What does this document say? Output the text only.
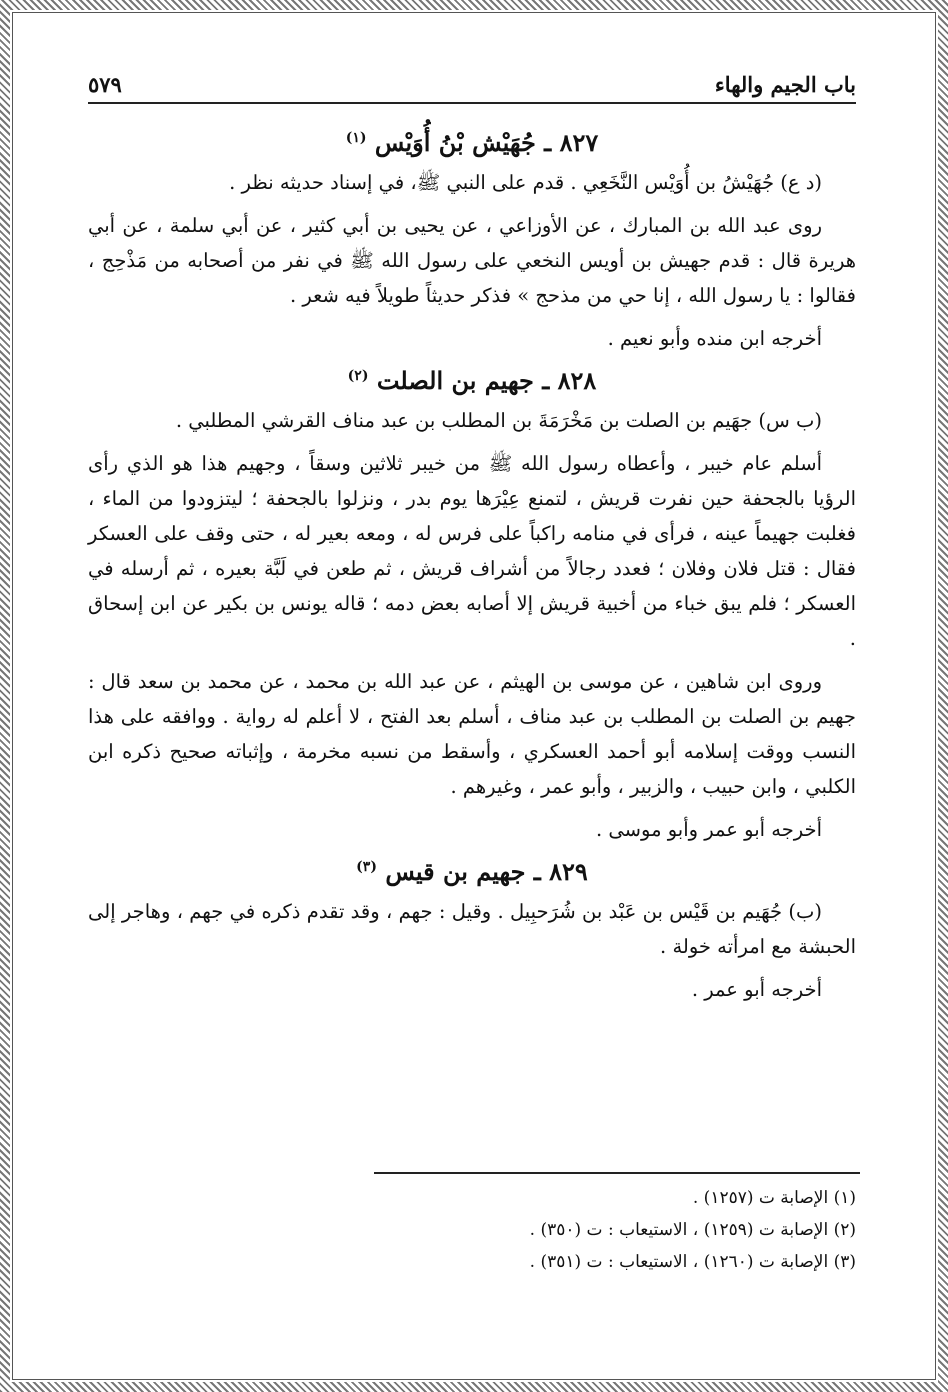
باب الجيم والهاء
٥٧٩
٨٢٧ ـ جُهَيْش بْنُ أُوَيْس $^{(١)}$

(د ع) جُهَيْشُ بن أُوَيْس النَّخَعِي . قدم على النبي ﷺ، في إسناد حديثه نظر .

روى عبد الله بن المبارك ، عن الأوزاعي ، عن يحيى بن أبي كثير ، عن أبي سلمة ، عن أبي هريرة قال : قدم جهيش بن أويس النخعي على رسول الله ﷺ في نفر من أصحابه من مَذْحِج ، فقالوا : يا رسول الله ، إنا حي من مذحج » فذكر حديثاً طويلاً فيه شعر .

أخرجه ابن منده وأبو نعيم .

٨٢٨ ـ جهيم بن الصلت $^{(٢)}$

(ب س) جهَيم بن الصلت بن مَخْرَمَةَ بن المطلب بن عبد مناف القرشي المطلبي .

أسلم عام خيبر ، وأعطاه رسول الله ﷺ من خيبر ثلاثين وسقاً ، وجهيم هذا هو الذي رأى الرؤيا بالجحفة حين نفرت قريش ، لتمنع عِيْرَها يوم بدر ، ونزلوا بالجحفة ؛ ليتزودوا من الماء ، فغلبت جهيماً عينه ، فرأى في منامه راكباً على فرس له ، ومعه بعير له ، حتى وقف على العسكر فقال : قتل فلان وفلان ؛ فعدد رجالاً من أشراف قريش ، ثم طعن في لَبَّة بعيره ، ثم أرسله في العسكر ؛ فلم يبق خباء من أخبية قريش إلا أصابه بعض دمه ؛ قاله يونس بن بكير عن ابن إسحاق .

وروى ابن شاهين ، عن موسى بن الهيثم ، عن عبد الله بن محمد ، عن محمد بن سعد قال : جهيم بن الصلت بن المطلب بن عبد مناف ، أسلم بعد الفتح ، لا أعلم له رواية . ووافقه على هذا النسب ووقت إسلامه أبو أحمد العسكري ، وأسقط من نسبه مخرمة ، وإثباته صحيح ذكره ابن الكلبي ، وابن حبيب ، والزبير ، وأبو عمر ، وغيرهم .

أخرجه أبو عمر وأبو موسى .

٨٢٩ ـ جهيم بن قيس $^{(٣)}$

(ب) جُهَيم بن قَيْس بن عَبْد بن شُرَحبِيل . وقيل : جهم ، وقد تقدم ذكره في جهم ، وهاجر إلى الحبشة مع امرأته خولة .

أخرجه أبو عمر .

(١) الإصابة ت (١٢٥٧) .

(٢) الإصابة ت (١٢٥٩) ، الاستيعاب : ت (٣٥٠) .

(٣) الإصابة ت (١٢٦٠) ، الاستيعاب : ت (٣٥١) .
